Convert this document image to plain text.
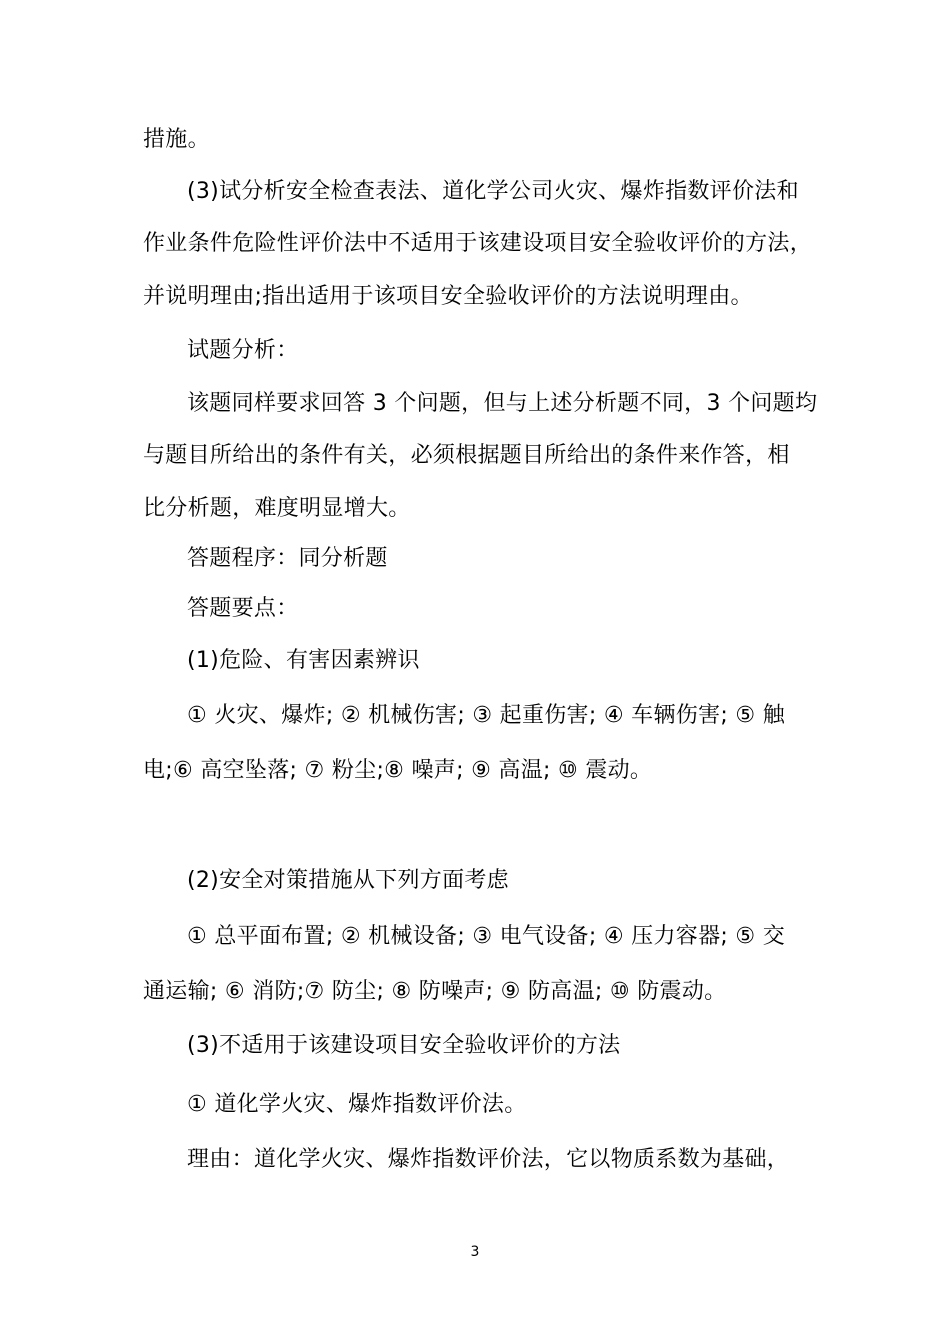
措施。
(3)试分析安全检查表法、道化学公司火灾、爆炸指数评价法和
作业条件危险性评价法中不适用于该建设项目安全验收评价的方法，
并说明理由;指出适用于该项目安全验收评价的方法说明理由。
试题分析：
该题同样要求回答 3 个问题，但与上述分析题不同，3 个问题均
与题目所给出的条件有关，必须根据题目所给出的条件来作答，相
比分析题，难度明显增大。
答题程序：同分析题
答题要点：
(1)危险、有害因素辨识
① 火灾、爆炸; ② 机械伤害; ③ 起重伤害; ④ 车辆伤害; ⑤ 触
电;⑥ 高空坠落; ⑦ 粉尘;⑧ 噪声; ⑨ 高温; ⑩ 震动。
(2)安全对策措施从下列方面考虑
① 总平面布置; ② 机械设备; ③ 电气设备; ④ 压力容器; ⑤ 交
通运输; ⑥ 消防;⑦ 防尘; ⑧ 防噪声; ⑨ 防高温; ⑩ 防震动。
(3)不适用于该建设项目安全验收评价的方法
① 道化学火灾、爆炸指数评价法。
理由：道化学火灾、爆炸指数评价法，它以物质系数为基础，
3
